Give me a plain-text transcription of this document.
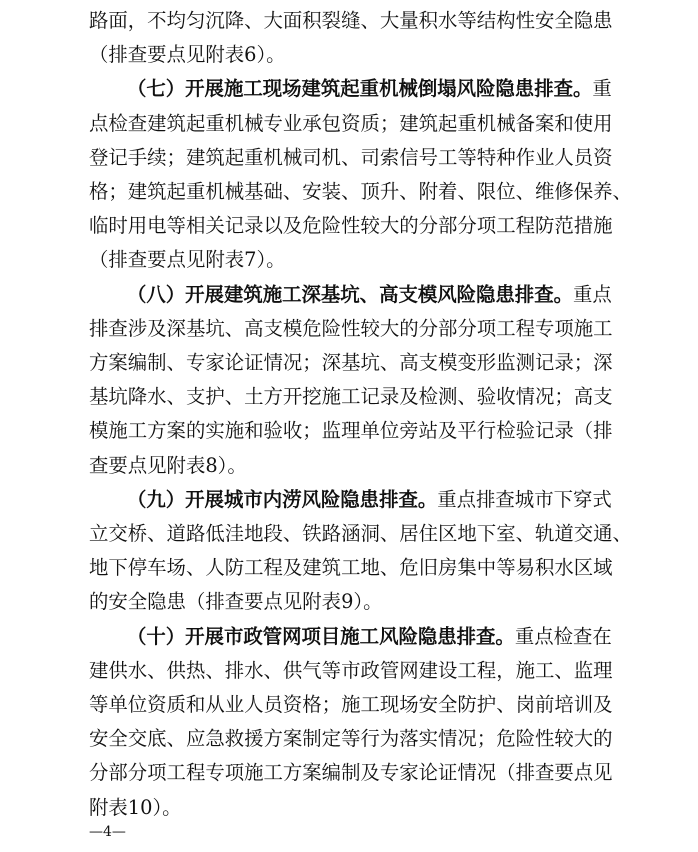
路面，不均匀沉降、大面积裂缝、大量积水等结构性安全隐患
（排查要点见附表6）。
（七）开展施工现场建筑起重机械倒塌风险隐患排查。重
点检查建筑起重机械专业承包资质；建筑起重机械备案和使用
登记手续；建筑起重机械司机、司索信号工等特种作业人员资
格；建筑起重机械基础、安装、顶升、附着、限位、维修保养、
临时用电等相关记录以及危险性较大的分部分项工程防范措施
（排查要点见附表7）。
（八）开展建筑施工深基坑、高支模风险隐患排查。重点
排查涉及深基坑、高支模危险性较大的分部分项工程专项施工
方案编制、专家论证情况；深基坑、高支模变形监测记录；深
基坑降水、支护、土方开挖施工记录及检测、验收情况；高支
模施工方案的实施和验收；监理单位旁站及平行检验记录（排
查要点见附表8）。
（九）开展城市内涝风险隐患排查。重点排查城市下穿式
立交桥、道路低洼地段、铁路涵洞、居住区地下室、轨道交通、
地下停车场、人防工程及建筑工地、危旧房集中等易积水区域
的安全隐患（排查要点见附表9）。
（十）开展市政管网项目施工风险隐患排查。重点检查在
建供水、供热、排水、供气等市政管网建设工程，施工、监理
等单位资质和从业人员资格；施工现场安全防护、岗前培训及
安全交底、应急救援方案制定等行为落实情况；危险性较大的
分部分项工程专项施工方案编制及专家论证情况（排查要点见
附表10）。
—4—
